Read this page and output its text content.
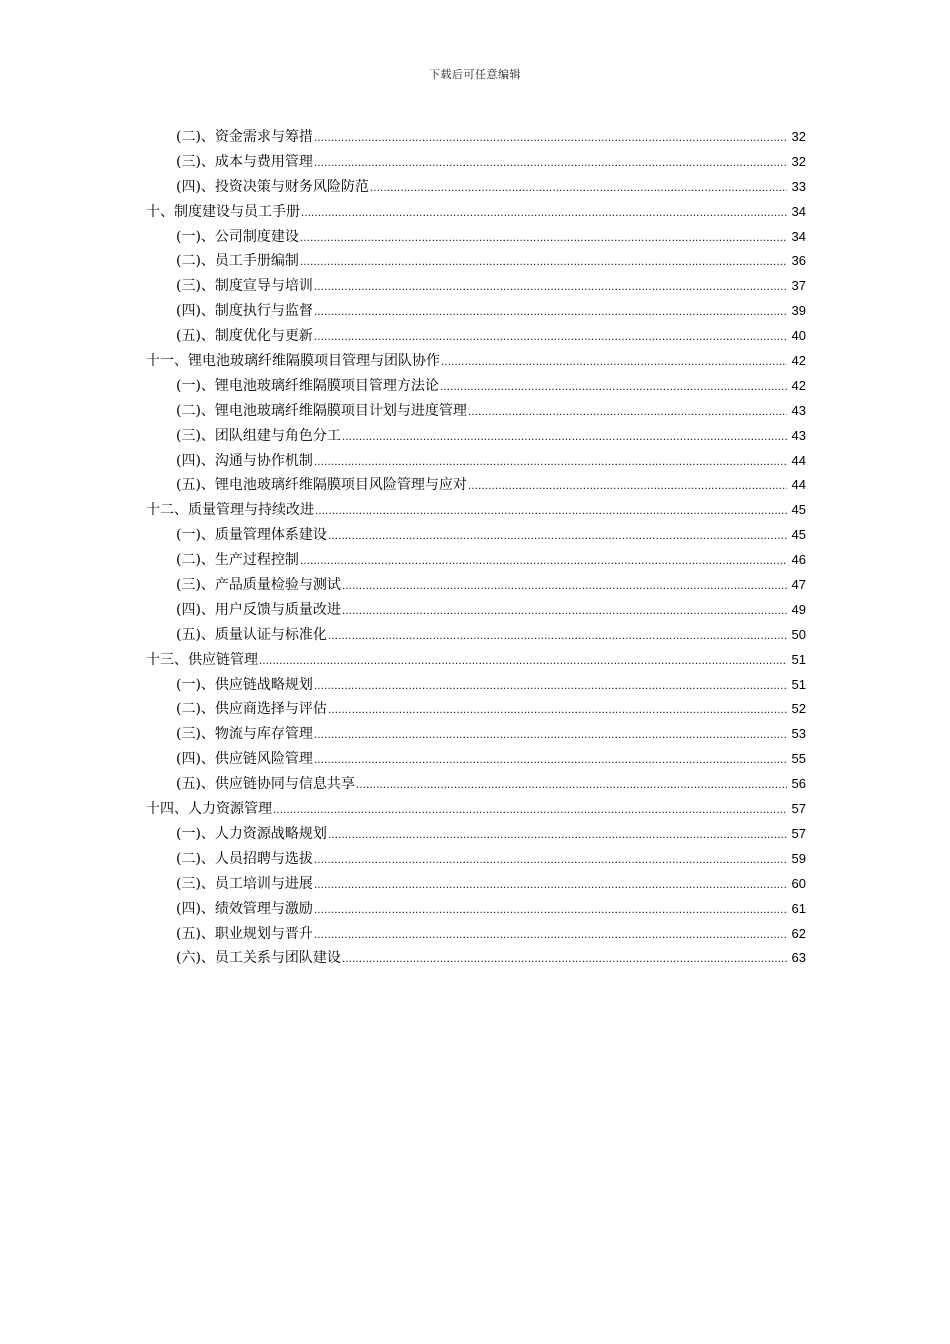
下载后可任意编辑
(二)、资金需求与筹措 .....	32
(三)、成本与费用管理 .....	32
(四)、投资决策与财务风险防范 .....	33
十、制度建设与员工手册 .....	34
(一)、公司制度建设 .....	34
(二)、员工手册编制 .....	36
(三)、制度宣导与培训 .....	37
(四)、制度执行与监督 .....	39
(五)、制度优化与更新 .....	40
十一、锂电池玻璃纤维隔膜项目管理与团队协作 .....	42
(一)、锂电池玻璃纤维隔膜项目管理方法论 .....	42
(二)、锂电池玻璃纤维隔膜项目计划与进度管理 .....	43
(三)、团队组建与角色分工 .....	43
(四)、沟通与协作机制 .....	44
(五)、锂电池玻璃纤维隔膜项目风险管理与应对 .....	44
十二、质量管理与持续改进 .....	45
(一)、质量管理体系建设 .....	45
(二)、生产过程控制 .....	46
(三)、产品质量检验与测试 .....	47
(四)、用户反馈与质量改进 .....	49
(五)、质量认证与标准化 .....	50
十三、供应链管理 .....	51
(一)、供应链战略规划 .....	51
(二)、供应商选择与评估 .....	52
(三)、物流与库存管理 .....	53
(四)、供应链风险管理 .....	55
(五)、供应链协同与信息共享 .....	56
十四、人力资源管理 .....	57
(一)、人力资源战略规划 .....	57
(二)、人员招聘与选拔 .....	59
(三)、员工培训与进展 .....	60
(四)、绩效管理与激励 .....	61
(五)、职业规划与晋升 .....	62
(六)、员工关系与团队建设 .....	63
